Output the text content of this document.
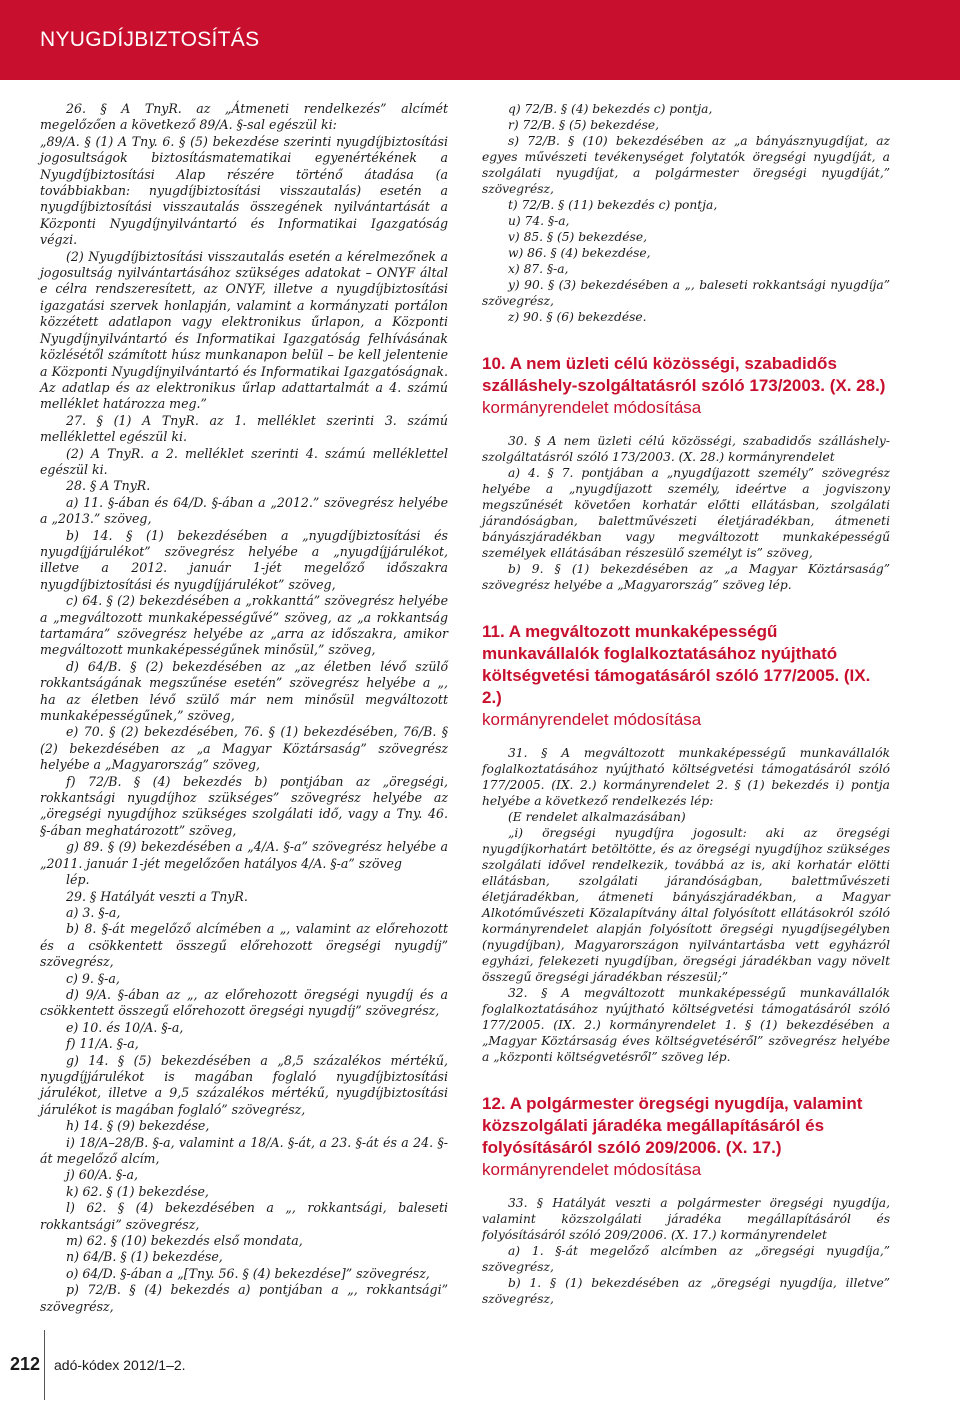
NYUGDÍJBIZTOSÍTÁS

26. § A TnyR. az „Átmeneti rendelkezés” alcímét megelőzően a következő 89/A. §-sal egészül ki:

„89/A. § (1) A Tny. 6. § (5) bekezdése szerinti nyugdíjbiztosítási jogosultságok biztosításmatematikai egyenértékének a Nyugdíjbiztosítási Alap részére történő átadása (a továbbiakban: nyugdíjbiztosítási visszautalás) esetén a nyugdíjbiztosítási visszautalás összegének nyilvántartását a Központi Nyugdíjnyilvántartó és Informatikai Igazgatóság végzi.

(2) Nyugdíjbiztosítási visszautalás esetén a kérelmezőnek a jogosultság nyilvántartásához szükséges adatokat – ONYF által e célra rendszeresített, az ONYF, illetve a nyugdíjbiztosítási igazgatási szervek honlapján, valamint a kormányzati portálon közzétett adatlapon vagy elektronikus űrlapon, a Központi Nyugdíjnyilvántartó és Informatikai Igazgatóság felhívásának közlésétől számított húsz munkanapon belül – be kell jelentenie a Központi Nyugdíjnyilvántartó és Informatikai Igazgatóságnak. Az adatlap és az elektronikus űrlap adattartalmát a 4. számú melléklet határozza meg.”

27. § (1) A TnyR. az 1. melléklet szerinti 3. számú melléklettel egészül ki.

(2) A TnyR. a 2. melléklet szerinti 4. számú melléklettel egészül ki.

28. § A TnyR.

a) 11. §-ában és 64/D. §-ában a „2012.” szövegrész helyébe a „2013.” szöveg,

b) 14. § (1) bekezdésében a „nyugdíjbiztosítási és nyugdíjjárulékot” szövegrész helyébe a „nyugdíjjárulékot, illetve a 2012. január 1-jét megelőző időszakra nyugdíjbiztosítási és nyugdíjjárulékot” szöveg,

c) 64. § (2) bekezdésében a „rokkanttá” szövegrész helyébe a „megváltozott munkaképességűvé” szöveg, az „a rokkantság tartamára” szövegrész helyébe az „arra az időszakra, amikor megváltozott munkaképességűnek minősül,” szöveg,

d) 64/B. § (2) bekezdésében az „az életben lévő szülő rokkantságának megszűnése esetén” szövegrész helyébe a „, ha az életben lévő szülő már nem minősül megváltozott munkaképességűnek,” szöveg,

e) 70. § (2) bekezdésében, 76. § (1) bekezdésében, 76/B. § (2) bekezdésében az „a Magyar Köztársaság” szövegrész helyébe a „Magyarország” szöveg,

f) 72/B. § (4) bekezdés b) pontjában az „öregségi, rokkantsági nyugdíjhoz szükséges” szövegrész helyébe az „öregségi nyugdíjhoz szükséges szolgálati idő, vagy a Tny. 46. §-ában meghatározott” szöveg,

g) 89. § (9) bekezdésében a „4/A. §-a” szövegrész helyébe a „2011. január 1-jét megelőzően hatályos 4/A. §-a” szöveg

lép.

29. § Hatályát veszti a TnyR.

a) 3. §-a,

b) 8. §-át megelőző alcímében a „, valamint az előrehozott és a csökkentett összegű előrehozott öregségi nyugdíj” szövegrész,

c) 9. §-a,

d) 9/A. §-ában az „, az előrehozott öregségi nyugdíj és a csökkentett összegű előrehozott öregségi nyugdíj” szövegrész,

e) 10. és 10/A. §-a,

f) 11/A. §-a,

g) 14. § (5) bekezdésében a „8,5 százalékos mértékű, nyugdíjjárulékot is magában foglaló nyugdíjbiztosítási járulékot, illetve a 9,5 százalékos mértékű, nyugdíjbiztosítási járulékot is magában foglaló” szövegrész,

h) 14. § (9) bekezdése,

i) 18/A–28/B. §-a, valamint a 18/A. §-át, a 23. §-át és a 24. §-át megelőző alcím,

j) 60/A. §-a,

k) 62. § (1) bekezdése,

l) 62. § (4) bekezdésében a „, rokkantsági, baleseti rokkantsági” szövegrész,

m) 62. § (10) bekezdés első mondata,

n) 64/B. § (1) bekezdése,

o) 64/D. §-ában a „[Tny. 56. § (4) bekezdése]” szövegrész,

p) 72/B. § (4) bekezdés a) pontjában a „, rokkantsági” szövegrész,

q) 72/B. § (4) bekezdés c) pontja,

r) 72/B. § (5) bekezdése,

s) 72/B. § (10) bekezdésében az „a bányásznyugdíjat, az egyes művészeti tevékenységet folytatók öregségi nyugdíját, a szolgálati nyugdíjat, a polgármester öregségi nyugdíját,” szövegrész,

t) 72/B. § (11) bekezdés c) pontja,

u) 74. §-a,

v) 85. § (5) bekezdése,

w) 86. § (4) bekezdése,

x) 87. §-a,

y) 90. § (3) bekezdésében a „, baleseti rokkantsági nyugdíja” szövegrész,

z) 90. § (6) bekezdése.

10. A nem üzleti célú közösségi, szabadidős szálláshely-szolgáltatásról szóló 173/2003. (X. 28.)
kormányrendelet módosítása

30. § A nem üzleti célú közösségi, szabadidős szálláshely-szolgáltatásról szóló 173/2003. (X. 28.) kormányrendelet

a) 4. § 7. pontjában a „nyugdíjazott személy” szövegrész helyébe a „nyugdíjazott személy, ideértve a jogviszony megszűnését követően korhatár előtti ellátásban, szolgálati járandóságban, balettművészeti életjáradékban, átmeneti bányászjáradékban vagy megváltozott munkaképességű személyek ellátásában részesülő személyt is” szöveg,

b) 9. § (1) bekezdésében az „a Magyar Köztársaság” szövegrész helyébe a „Magyarország” szöveg lép.

11. A megváltozott munkaképességű munkavállalók foglalkoztatásához nyújtható költségvetési támogatásáról szóló 177/2005. (IX. 2.)
kormányrendelet módosítása

31. § A megváltozott munkaképességű munkavállalók foglalkoztatásához nyújtható költségvetési támogatásáról szóló 177/2005. (IX. 2.) kormányrendelet 2. § (1) bekezdés i) pontja helyébe a következő rendelkezés lép:

(E rendelet alkalmazásában)

„i) öregségi nyugdíjra jogosult: aki az öregségi nyugdíjkorhatárt betöltötte, és az öregségi nyugdíjhoz szükséges szolgálati idővel rendelkezik, továbbá az is, aki korhatár elötti ellátásban, szolgálati járandóságban, balettművészeti életjáradékban, átmeneti bányászjáradékban, a Magyar Alkotóművészeti Közalapítvány által folyósított ellátásokról szóló kormányrendelet alapján folyósított öregségi nyugdíjsegélyben (nyugdíjban), Magyarországon nyilvántartásba vett egyházról egyházi, felekezeti nyugdíjban, öregségi járadékban vagy növelt összegű öregségi járadékban részesül;”

32. § A megváltozott munkaképességű munkavállalók foglalkoztatásához nyújtható költségvetési támogatásáról szóló 177/2005. (IX. 2.) kormányrendelet 1. § (1) bekezdésében a „Magyar Köztársaság éves költségvetéséről” szövegrész helyébe a „központi költségvetésről” szöveg lép.

12. A polgármester öregségi nyugdíja, valamint közszolgálati járadéka megállapításáról és folyósításáról szóló 209/2006. (X. 17.)
kormányrendelet módosítása

33. § Hatályát veszti a polgármester öregségi nyugdíja, valamint közszolgálati járadéka megállapításáról és folyósításáról szóló 209/2006. (X. 17.) kormányrendelet

a) 1. §-át megelőző alcímben az „öregségi nyugdíja,” szövegrész,

b) 1. § (1) bekezdésében az „öregségi nyugdíja, illetve” szövegrész,

212 adó-kódex 2012/1–2.
